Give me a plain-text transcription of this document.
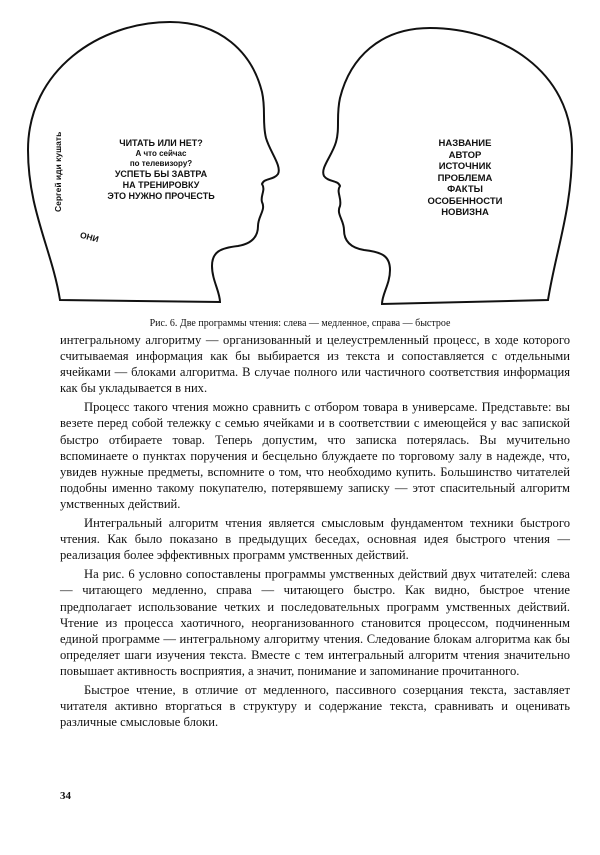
ЧИТАТЬ ИЛИ НЕТ?
А что сейчас
по телевизору?
УСПЕТЬ БЫ ЗАВТРА
НА ТРЕНИРОВКУ
ЭТО НУЖНО ПРОЧЕСТЬ
Сергей иди кушать
ОНИ
НАЗВАНИЕ
АВТОР
ИСТОЧНИК
ПРОБЛЕМА
ФАКТЫ
ОСОБЕННОСТИ
НОВИЗНА
Рис. 6. Две программы чтения: слева — медленное, справа — быстрое

интегральному алгоритму — организованный и целеустремленный процесс, в ходе которого считываемая информация как бы выбирается из текста и сопоставляется с отдельными ячейками — блоками алгоритма. В случае полного или частичного соответствия информация как бы укладывается в них.

Процесс такого чтения можно сравнить с отбором товара в универсаме. Представьте: вы везете перед собой тележку с семью ячейками и в соответствии с имеющейся у вас запиской быстро отбираете товар. Теперь допустим, что записка потерялась. Вы мучительно вспоминаете о пунктах поручения и бесцельно блуждаете по торговому залу в надежде, что, увидев нужные предметы, вспомните о том, что необходимо купить. Большинство читателей подобны именно такому покупателю, потерявшему записку — этот спасительный алгоритм умственных действий.

Интегральный алгоритм чтения является смысловым фундаментом техники быстрого чтения. Как было показано в предыдущих беседах, основная идея быстрого чтения — реализация более эффективных программ умственных действий.

На рис. 6 условно сопоставлены программы умственных действий двух читателей: слева — читающего медленно, справа — читающего быстро. Как видно, быстрое чтение предполагает использование четких и последовательных программ умственных действий. Чтение из процесса хаотичного, неорганизованного становится процессом, подчиненным единой программе — интегральному алгоритму чтения. Следование блокам алгоритма как бы определяет шаги изучения текста. Вместе с тем интегральный алгоритм чтения значительно повышает активность восприятия, а значит, понимание и запоминание прочитанного.

Быстрое чтение, в отличие от медленного, пассивного созерцания текста, заставляет читателя активно вторгаться в структуру и содержание текста, сравнивать и оценивать различные смысловые блоки.

34
